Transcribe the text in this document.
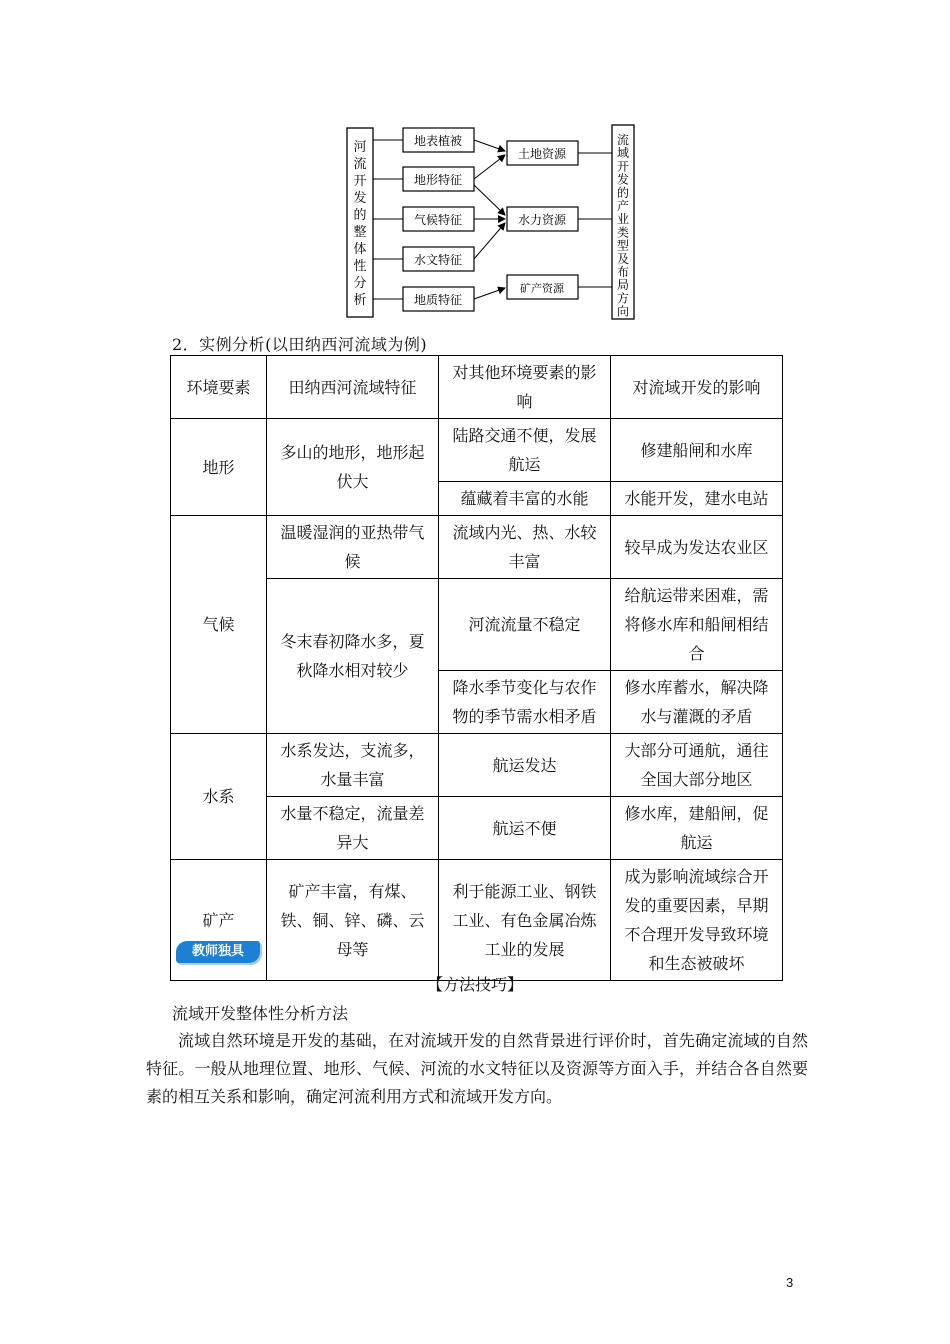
河流开发的整体性分析
流域开发的产业类型及布局方向
地表植被
地形特征
气候特征
水文特征
地质特征
土地资源
水力资源
矿产资源
2．实例分析(以田纳西河流域为例)
环境要素	田纳西河流域特征	对其他环境要素的影响	对流域开发的影响
地形	多山的地形，地形起伏大	陆路交通不便，发展航运	修建船闸和水库
		蕴藏着丰富的水能	水能开发，建水电站
气候	温暖湿润的亚热带气候	流域内光、热、水较丰富	较早成为发达农业区
	冬末春初降水多，夏秋降水相对较少	河流流量不稳定	给航运带来困难，需将修水库和船闸相结合
		降水季节变化与农作物的季节需水相矛盾	修水库蓄水，解决降水与灌溉的矛盾
水系	水系发达，支流多，水量丰富	航运发达	大部分可通航，通往全国大部分地区
	水量不稳定，流量差异大	航运不便	修水库，建船闸，促航运
矿产	矿产丰富，有煤、铁、铜、锌、磷、云母等	利于能源工业、钢铁工业、有色金属冶炼工业的发展	成为影响流域综合开发的重要因素，早期不合理开发导致环境和生态被破坏
教师独具
【方法技巧】
流域开发整体性分析方法
流域自然环境是开发的基础，在对流域开发的自然背景进行评价时，首先确定流域的自然特征。一般从地理位置、地形、气候、河流的水文特征以及资源等方面入手，并结合各自然要素的相互关系和影响，确定河流利用方式和流域开发方向。
3
